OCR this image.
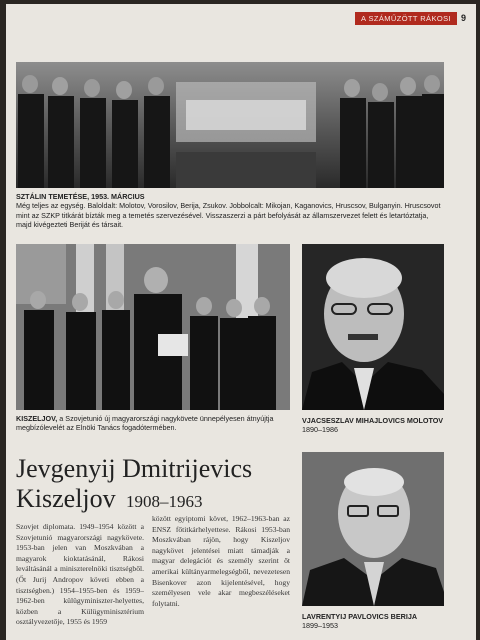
A SZÁMŰZÖTT RÁKOSI	9
SZTÁLIN TEMETÉSE, 1953. MÁRCIUS
Még teljes az egység. Baloldalt: Molotov, Vorosilov, Berija, Zsukov. Jobbolcalt: Mikojan, Kaganovics, Hruscsov, Bulganyin. Hruscsovot mint az SZKP titkárát bízták meg a temetés szervezésével. Visszaszerzi a párt befolyását az államszervezet felett és letartóztatja, majd kivégezteti Beriját és társait.
KISZELJOV, a Szovjetunió új magyarországi nagykövete ünnepélyesen átnyújtja megbízólevelét az Elnöki Tanács fogadótermében.
VJACSESZLAV MIHAJLOVICS MOLOTOV
1890–1986
Jevgenyij Dmitrijevics
Kiszeljov 1908–1963
Szovjet diplomata. 1949–1954 között a Szovjetunió magyarországi nagykövete. 1953-ban jelen van Moszkvában a magyarok kioktatásánál, Rákosi leváltásánál a miniszterelnöki tisztségből. (Őt Jurij Andropov követi ebben a tisztségben.) 1954–1955-ben és 1959–1962-ben külügyminiszter-helyettes, közben a Külügyminisztérium osztályvezetője, 1955 és 1959
között egyiptomi követ, 1962–1963-ban az ENSZ főtitkárhelyettese. Rákosi 1953-ban Moszkvában rájön, hogy Kiszeljov nagykövet jelentései miatt támadják a magyar delegációt és személy szerint őt amerikai kültányarmelegségből, nevezetesen Bisenkover azon kijelentésével, hogy személyesen vele akar megbeszéléseket folytatni.
LAVRENTYIJ PAVLOVICS BERIJA
1899–1953
